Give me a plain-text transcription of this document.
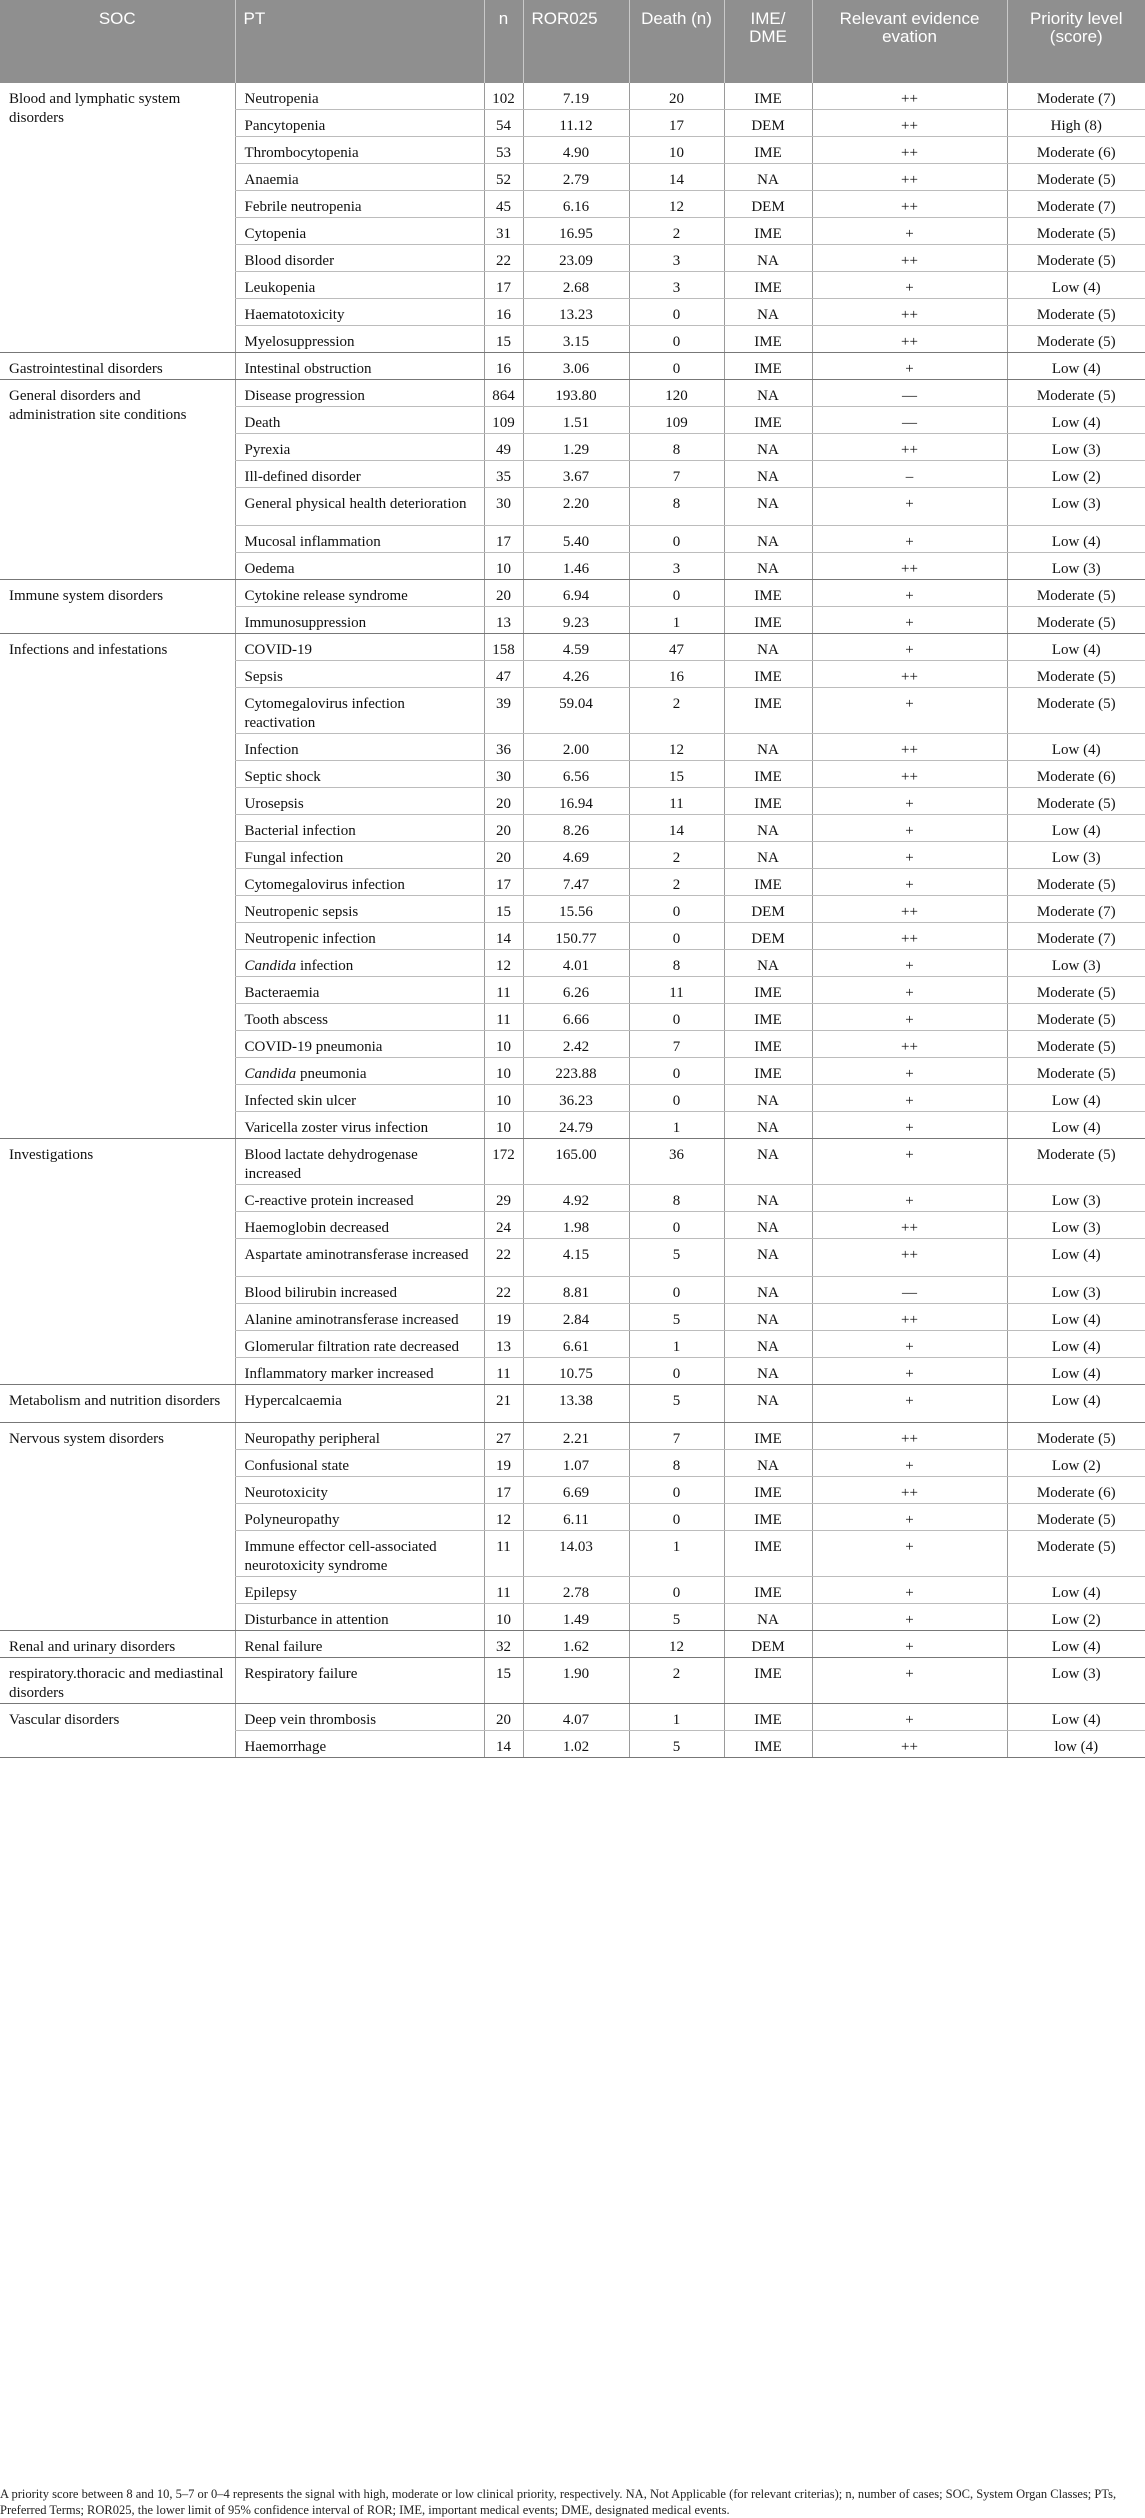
SOC	PT	n	ROR025	Death (n)	IME/ DME	Relevant evidence evation	Priority level (score)
Blood and lymphatic system disorders	Neutropenia	102	7.19	20	IME	++	Moderate (7)
	Pancytopenia	54	11.12	17	DEM	++	High (8)
	Thrombocytopenia	53	4.90	10	IME	++	Moderate (6)
	Anaemia	52	2.79	14	NA	++	Moderate (5)
	Febrile neutropenia	45	6.16	12	DEM	++	Moderate (7)
	Cytopenia	31	16.95	2	IME	+	Moderate (5)
	Blood disorder	22	23.09	3	NA	++	Moderate (5)
	Leukopenia	17	2.68	3	IME	+	Low (4)
	Haematotoxicity	16	13.23	0	NA	++	Moderate (5)
	Myelosuppression	15	3.15	0	IME	++	Moderate (5)
Gastrointestinal disorders	Intestinal obstruction	16	3.06	0	IME	+	Low (4)
General disorders and administration site conditions	Disease progression	864	193.80	120	NA	—	Moderate (5)
	Death	109	1.51	109	IME	—	Low (4)
	Pyrexia	49	1.29	8	NA	++	Low (3)
	Ill-defined disorder	35	3.67	7	NA	–	Low (2)
	General physical health deterioration	30	2.20	8	NA	+	Low (3)
	Mucosal inflammation	17	5.40	0	NA	+	Low (4)
	Oedema	10	1.46	3	NA	++	Low (3)
Immune system disorders	Cytokine release syndrome	20	6.94	0	IME	+	Moderate (5)
	Immunosuppression	13	9.23	1	IME	+	Moderate (5)
Infections and infestations	COVID-19	158	4.59	47	NA	+	Low (4)
	Sepsis	47	4.26	16	IME	++	Moderate (5)
	Cytomegalovirus infection reactivation	39	59.04	2	IME	+	Moderate (5)
	Infection	36	2.00	12	NA	++	Low (4)
	Septic shock	30	6.56	15	IME	++	Moderate (6)
	Urosepsis	20	16.94	11	IME	+	Moderate (5)
	Bacterial infection	20	8.26	14	NA	+	Low (4)
	Fungal infection	20	4.69	2	NA	+	Low (3)
	Cytomegalovirus infection	17	7.47	2	IME	+	Moderate (5)
	Neutropenic sepsis	15	15.56	0	DEM	++	Moderate (7)
	Neutropenic infection	14	150.77	0	DEM	++	Moderate (7)
	Candida infection	12	4.01	8	NA	+	Low (3)
	Bacteraemia	11	6.26	11	IME	+	Moderate (5)
	Tooth abscess	11	6.66	0	IME	+	Moderate (5)
	COVID-19 pneumonia	10	2.42	7	IME	++	Moderate (5)
	Candida pneumonia	10	223.88	0	IME	+	Moderate (5)
	Infected skin ulcer	10	36.23	0	NA	+	Low (4)
	Varicella zoster virus infection	10	24.79	1	NA	+	Low (4)
Investigations	Blood lactate dehydrogenase increased	172	165.00	36	NA	+	Moderate (5)
	C-reactive protein increased	29	4.92	8	NA	+	Low (3)
	Haemoglobin decreased	24	1.98	0	NA	++	Low (3)
	Aspartate aminotransferase increased	22	4.15	5	NA	++	Low (4)
	Blood bilirubin increased	22	8.81	0	NA	—	Low (3)
	Alanine aminotransferase increased	19	2.84	5	NA	++	Low (4)
	Glomerular filtration rate decreased	13	6.61	1	NA	+	Low (4)
	Inflammatory marker increased	11	10.75	0	NA	+	Low (4)
Metabolism and nutrition disorders	Hypercalcaemia	21	13.38	5	NA	+	Low (4)
Nervous system disorders	Neuropathy peripheral	27	2.21	7	IME	++	Moderate (5)
	Confusional state	19	1.07	8	NA	+	Low (2)
	Neurotoxicity	17	6.69	0	IME	++	Moderate (6)
	Polyneuropathy	12	6.11	0	IME	+	Moderate (5)
	Immune effector cell-associated neurotoxicity syndrome	11	14.03	1	IME	+	Moderate (5)
	Epilepsy	11	2.78	0	IME	+	Low (4)
	Disturbance in attention	10	1.49	5	NA	+	Low (2)
Renal and urinary disorders	Renal failure	32	1.62	12	DEM	+	Low (4)
respiratory.thoracic and mediastinal disorders	Respiratory failure	15	1.90	2	IME	+	Low (3)
Vascular disorders	Deep vein thrombosis	20	4.07	1	IME	+	Low (4)
	Haemorrhage	14	1.02	5	IME	++	low (4)
A priority score between 8 and 10, 5–7 or 0–4 represents the signal with high, moderate or low clinical priority, respectively. NA, Not Applicable (for relevant criterias); n, number of cases; SOC, System Organ Classes; PTs, Preferred Terms; ROR025, the lower limit of 95% confidence interval of ROR; IME, important medical events; DME, designated medical events.
